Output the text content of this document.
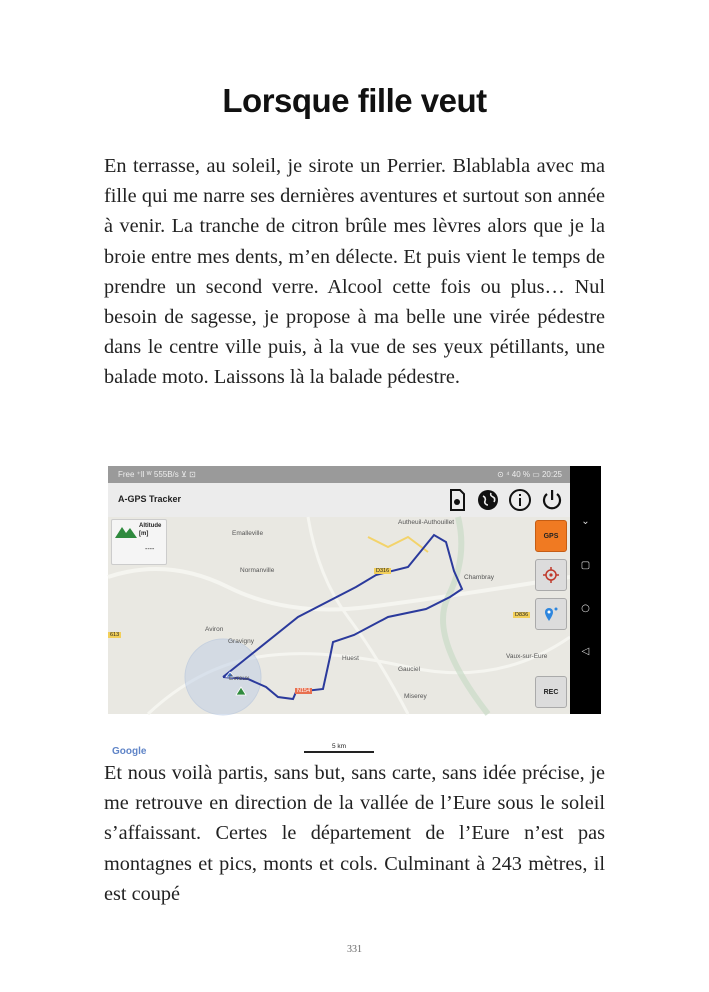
Lorsque fille veut

En terrasse, au soleil, je sirote un Perrier. Blablabla avec ma fille qui me narre ses dernières aventures et surtout son année à venir. La tranche de citron brûle mes lèvres alors que je la broie entre mes dents, m’en délecte. Et puis vient le temps de prendre un second verre. Alcool cette fois ou plus… Nul besoin de sagesse, je propose à ma belle une virée pédestre dans le centre ville puis, à la vue de ses yeux pétillants, une balade moto. Laissons là la balade pédestre.

Free ⁺ll ᵂ 555B/s ⊻ ⊡	⊙ ⁴ 40 % ▭ 20:25
A-GPS Tracker
Altitude
[m]
----
Emalleville
Normanville
Autheuil-Authouillet
Chambray
Aviron
Gravigny
Huest
Gauciel
Évreux
Miserey
Vaux-sur-Eure
D316
D836
N154
613
5 km
Google
GPS
REC
⌄
▢
○
◁

Et nous voilà partis, sans but, sans carte, sans idée précise, je me retrouve en direction de la vallée de l’Eure sous le soleil s’affaissant. Certes le département de l’Eure n’est pas montagnes et pics, monts et cols. Culminant à 243 mètres, il est coupé

331
